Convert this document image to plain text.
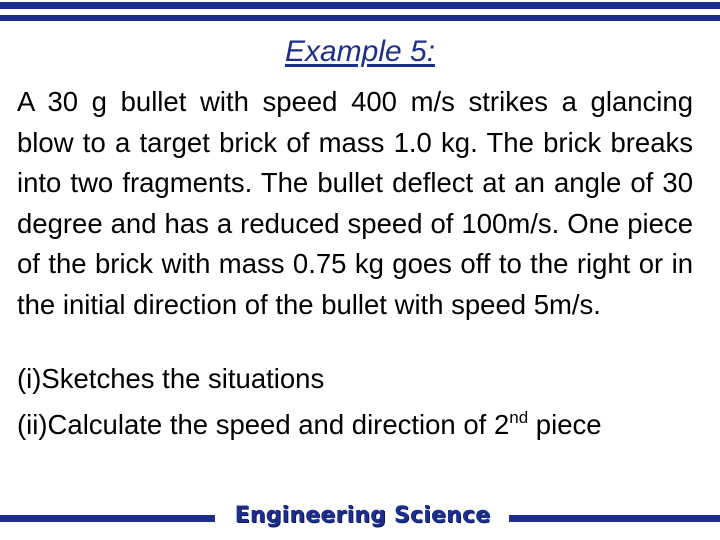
Example 5:

A 30 g bullet with speed 400 m/s strikes a glancing blow to a target brick of mass 1.0 kg. The brick breaks into two fragments. The bullet deflect at an angle of 30 degree and has a reduced speed of 100m/s. One piece of the brick with mass 0.75 kg goes off to the right or in the initial direction of the bullet with speed 5m/s.

(i)Sketches the situations

(ii)Calculate the speed and direction of 2nd piece

Engineering Science
